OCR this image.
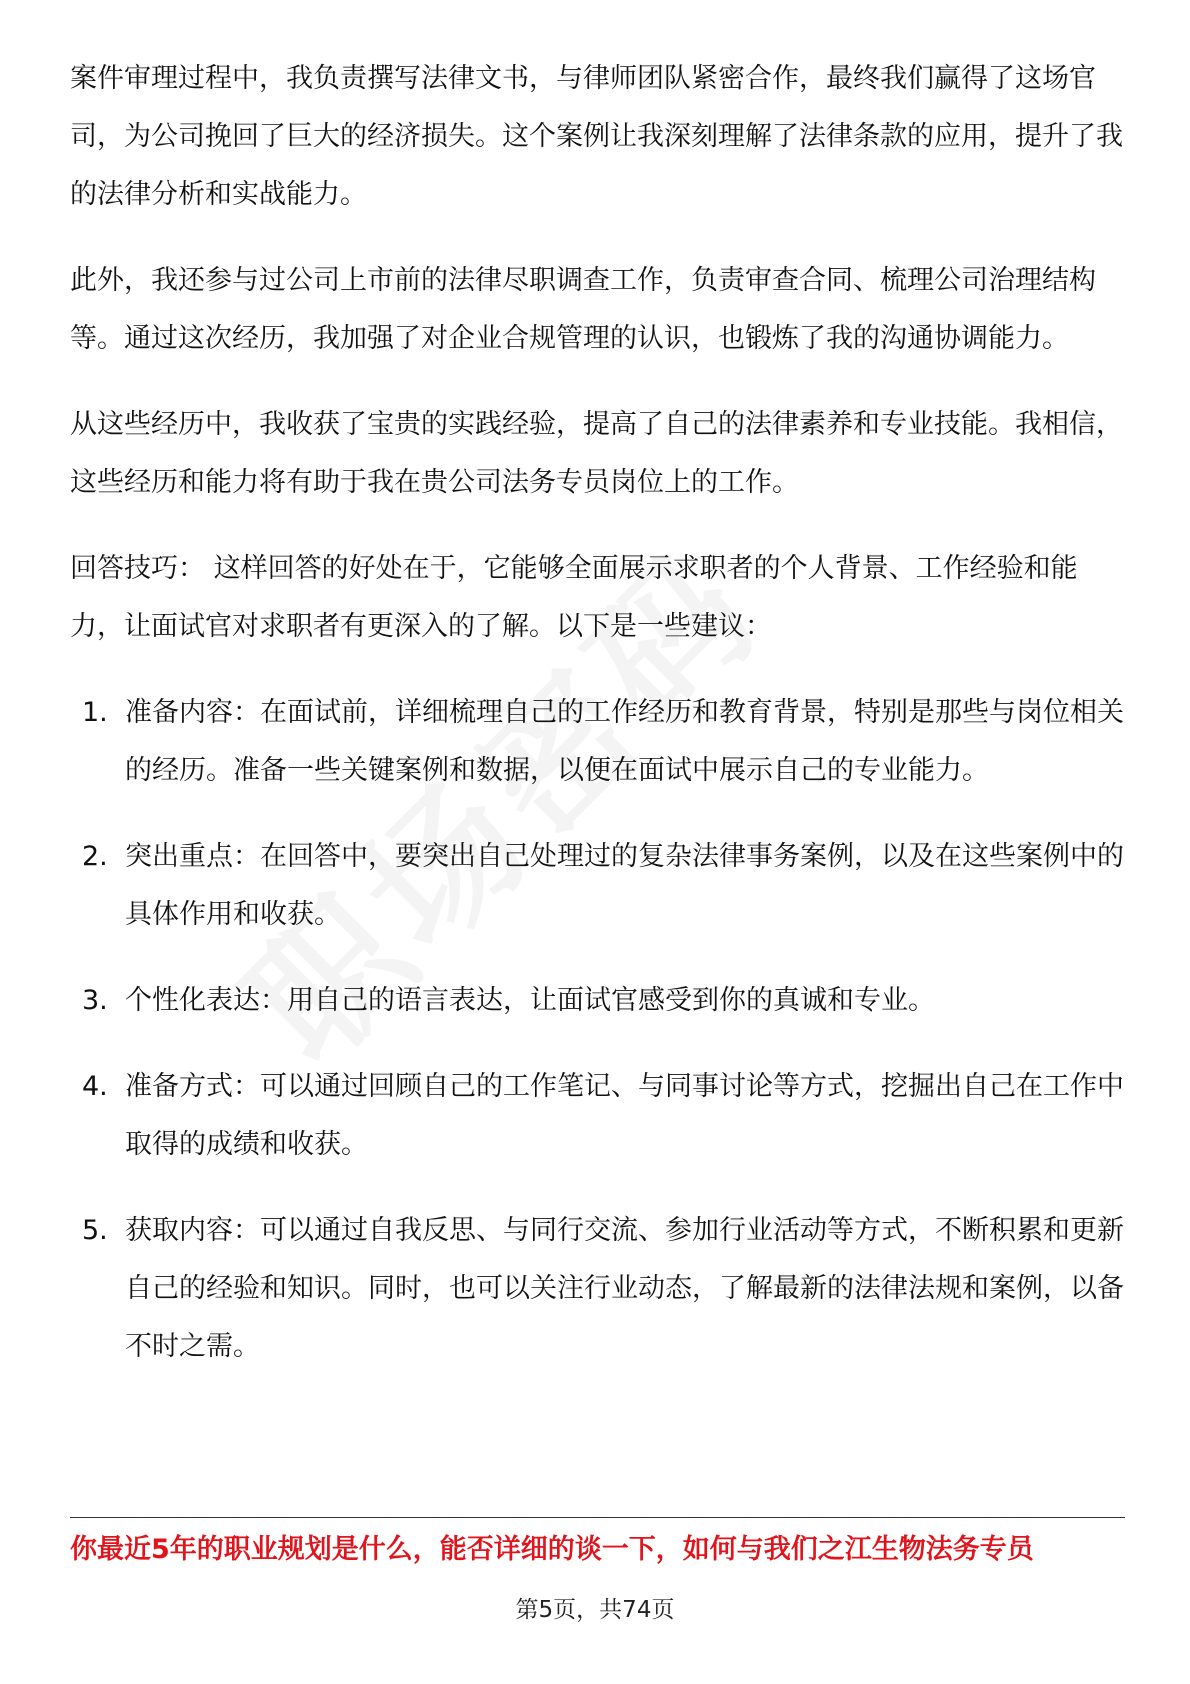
案件审理过程中，我负责撰写法律文书，与律师团队紧密合作，最终我们赢得了这场官司，为公司挽回了巨大的经济损失。这个案例让我深刻理解了法律条款的应用，提升了我的法律分析和实战能力。

此外，我还参与过公司上市前的法律尽职调查工作，负责审查合同、梳理公司治理结构等。通过这次经历，我加强了对企业合规管理的认识，也锻炼了我的沟通协调能力。

从这些经历中，我收获了宝贵的实践经验，提高了自己的法律素养和专业技能。我相信，这些经历和能力将有助于我在贵公司法务专员岗位上的工作。

回答技巧： 这样回答的好处在于，它能够全面展示求职者的个人背景、工作经验和能力，让面试官对求职者有更深入的了解。以下是一些建议：

1. 准备内容：在面试前，详细梳理自己的工作经历和教育背景，特别是那些与岗位相关的经历。准备一些关键案例和数据，以便在面试中展示自己的专业能力。
2. 突出重点：在回答中，要突出自己处理过的复杂法律事务案例，以及在这些案例中的具体作用和收获。
3. 个性化表达：用自己的语言表达，让面试官感受到你的真诚和专业。
4. 准备方式：可以通过回顾自己的工作笔记、与同事讨论等方式，挖掘出自己在工作中取得的成绩和收获。
5. 获取内容：可以通过自我反思、与同行交流、参加行业活动等方式，不断积累和更新自己的经验和知识。同时，也可以关注行业动态，了解最新的法律法规和案例，以备不时之需。
你最近5年的职业规划是什么，能否详细的谈一下，如何与我们之江生物法务专员
第5页，共74页
